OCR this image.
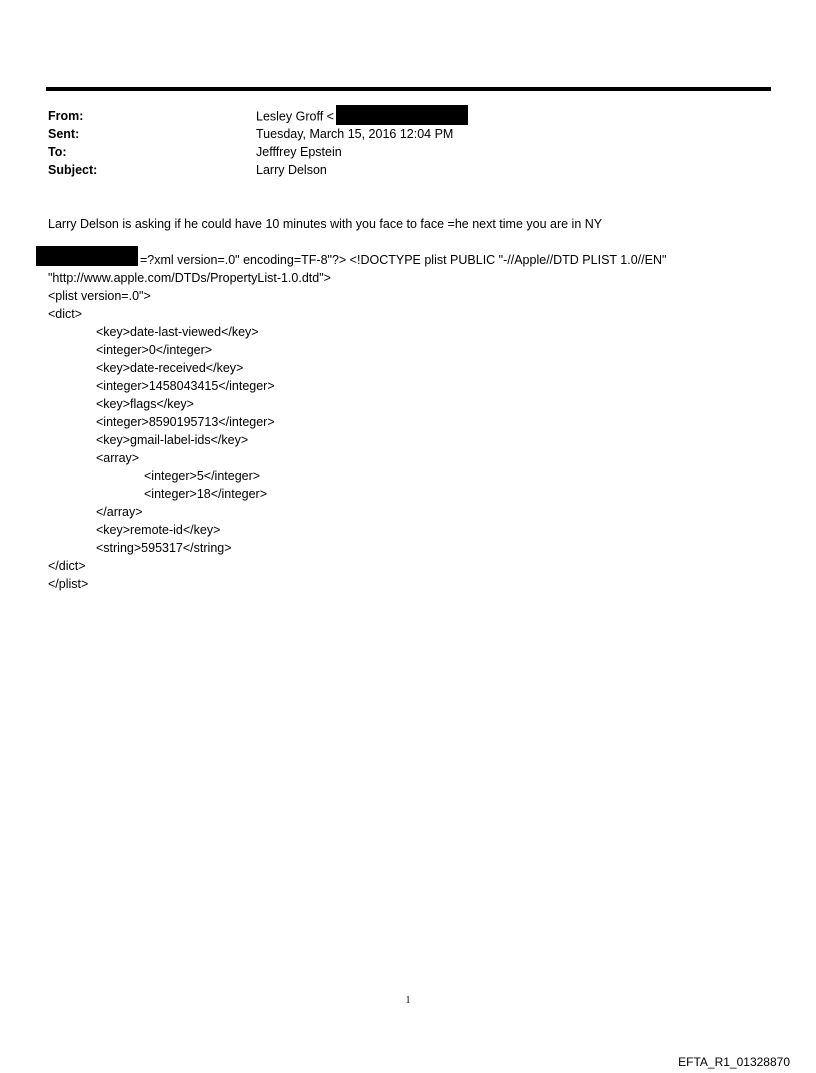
From:	Lesley Groff <
Sent:	Tuesday, March 15, 2016 12:04 PM
To:	Jefffrey Epstein
Subject:	Larry Delson
Larry Delson is asking if he could have 10 minutes with you face to face =he next time you are in NY
=?xml version=.0" encoding=TF-8"?> <!DOCTYPE plist PUBLIC "-//Apple//DTD PLIST 1.0//EN"
"http://www.apple.com/DTDs/PropertyList-1.0.dtd">
<plist version=.0">
<dict>
<key>date-last-viewed</key>
<integer>0</integer>
<key>date-received</key>
<integer>1458043415</integer>
<key>flags</key>
<integer>8590195713</integer>
<key>gmail-label-ids</key>
<array>
<integer>5</integer>
<integer>18</integer>
</array>
<key>remote-id</key>
<string>595317</string>
</dict>
</plist>
1
EFTA_R1_01328870
